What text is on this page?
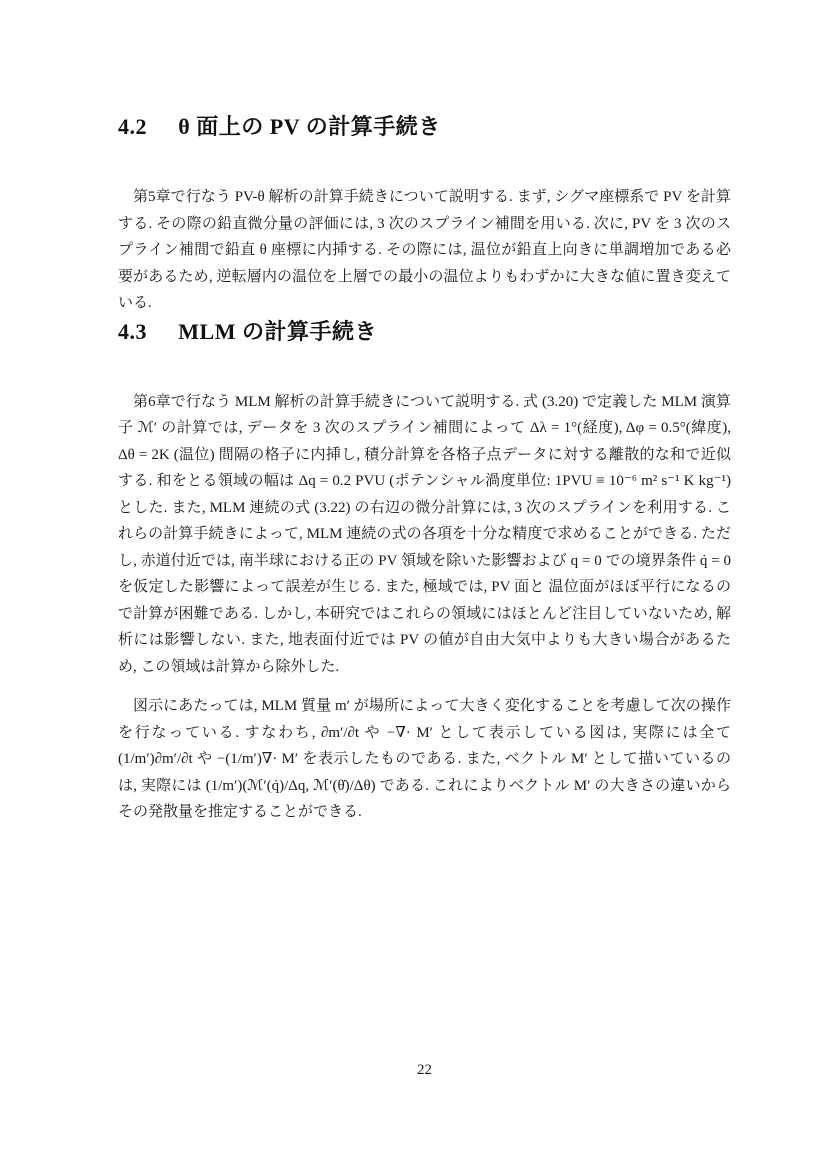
4.2 θ 面上の PV の計算手続き

第5章で行なう PV-θ 解析の計算手続きについて説明する. まず, シグマ座標系で PV を計算する. その際の鉛直微分量の評価には, 3 次のスプライン補間を用いる. 次に, PV を 3 次のスプライン補間で鉛直 θ 座標に内挿する. その際には, 温位が鉛直上向きに単調増加である必要があるため, 逆転層内の温位を上層での最小の温位よりもわずかに大きな値に置き変えている.

4.3 MLM の計算手続き

第6章で行なう MLM 解析の計算手続きについて説明する. 式 (3.20) で定義した MLM 演算子 ℳ′ の計算では, データを 3 次のスプライン補間によって Δλ = 1°(経度), Δφ = 0.5°(緯度), Δθ = 2K (温位) 間隔の格子に内挿し, 積分計算を各格子点データに対する離散的な和で近似する. 和をとる領域の幅は Δq = 0.2 PVU (ポテンシャル渦度単位: 1PVU ≡ 10⁻⁶ m² s⁻¹ K kg⁻¹) とした. また, MLM 連続の式 (3.22) の右辺の微分計算には, 3 次のスプラインを利用する. これらの計算手続きによって, MLM 連続の式の各項を十分な精度で求めることができる. ただし, 赤道付近では, 南半球における正の PV 領域を除いた影響および q = 0 での境界条件 q̇ = 0 を仮定した影響によって誤差が生じる. また, 極域では, PV 面と 温位面がほぼ平行になるので計算が困難である. しかし, 本研究ではこれらの領域にはほとんど注目していないため, 解析には影響しない. また, 地表面付近では PV の値が自由大気中よりも大きい場合があるため, この領域は計算から除外した.

図示にあたっては, MLM 質量 m′ が場所によって大きく変化することを考慮して次の操作を行なっている. すなわち, ∂m′/∂t や −∇· M′ として表示している図は, 実際には全て (1/m′)∂m′/∂t や −(1/m′)∇· M′ を表示したものである. また, ベクトル M′ として描いているのは, 実際には (1/m′)(ℳ′(q̇)/Δq, ℳ′(θ̇)/Δθ) である. これによりベクトル M′ の大きさの違いからその発散量を推定することができる.

22
